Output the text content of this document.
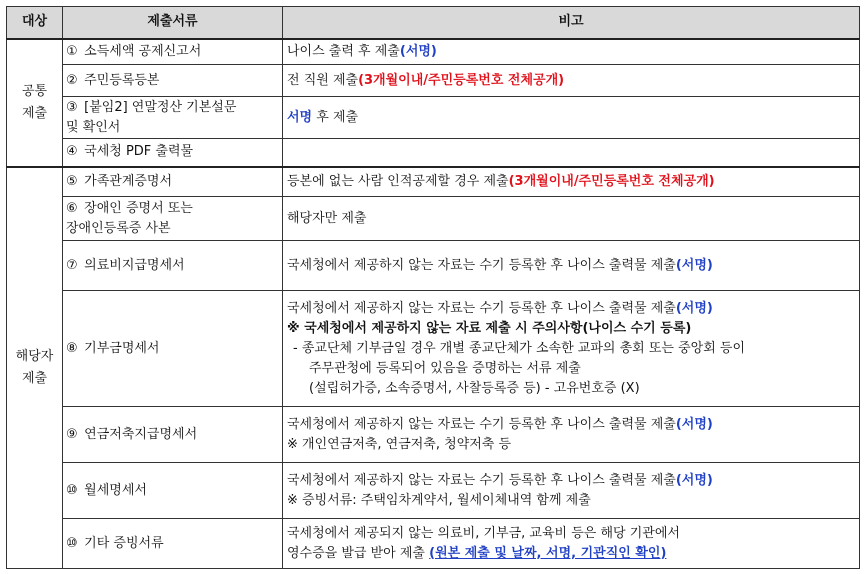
대상	제출서류	비고

공통
제출	① 소득세액 공제신고서	나이스 출력 후 제출(서명)
	② 주민등록등본	전 직원 제출(3개월이내/주민등록번호 전체공개)

	③ [붙임2] 연말정산 기본설문
및 확인서	서명 후 제출
	④ 국세청 PDF 출력물	

해당자
제출	⑤ 가족관계증명서	등본에 없는 사람 인적공제할 경우 제출(3개월이내/주민등록번호 전체공개)

	⑥ 장애인 증명서 또는
장애인등록증 사본	해당자만 제출
	⑦ 의료비지급명세서	국세청에서 제공하지 않는 자료는 수기 등록한 후 나이스 출력물 제출(서명)
	⑧ 기부금명세서	국세청에서 제공하지 않는 자료는 수기 등록한 후 나이스 출력물 제출(서명)
※ 국세청에서 제공하지 않는 자료 제출 시 주의사항(나이스 수기 등록)
- 종교단체 기부금일 경우 개별 종교단체가 소속한 교파의 총회 또는 중앙회 등이
주무관청에 등록되어 있음을 증명하는 서류 제출
(설립허가증, 소속증명서, 사찰등록증 등) - 고유번호증 (X)

	⑨ 연금저축지급명세서	국세청에서 제공하지 않는 자료는 수기 등록한 후 나이스 출력물 제출(서명)
※ 개인연금저축, 연금저축, 청약저축 등

	⑩ 월세명세서	국세청에서 제공하지 않는 자료는 수기 등록한 후 나이스 출력물 제출(서명)
※ 증빙서류: 주택임차계약서, 월세이체내역 함께 제출

	⑩ 기타 증빙서류	국세청에서 제공되지 않는 의료비, 기부금, 교육비 등은 해당 기관에서
영수증을 발급 받아 제출 (원본 제출 및 날짜, 서명, 기관직인 확인)
